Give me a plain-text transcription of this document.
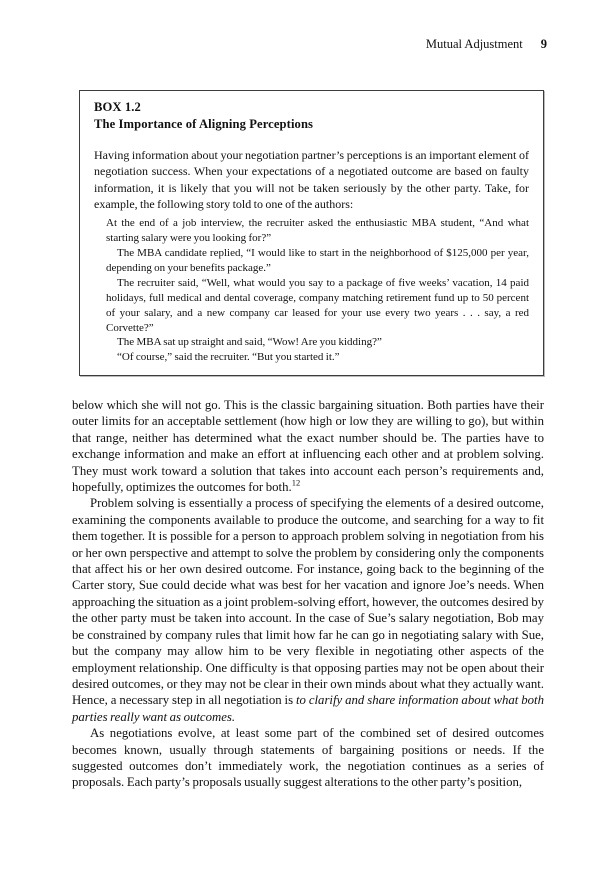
Mutual Adjustment 9
BOX 1.2
The Importance of Aligning Perceptions

Having information about your negotiation partner’s perceptions is an important element of negotiation success. When your expectations of a negotiated outcome are based on faulty information, it is likely that you will not be taken seriously by the other party. Take, for example, the following story told to one of the authors:

At the end of a job interview, the recruiter asked the enthusiastic MBA student, “And what starting salary were you looking for?”

The MBA candidate replied, “I would like to start in the neighborhood of $125,000 per year, depending on your benefits package.”

The recruiter said, “Well, what would you say to a package of five weeks’ vacation, 14 paid holidays, full medical and dental coverage, company matching retirement fund up to 50 percent of your salary, and a new company car leased for your use every two years . . . say, a red Corvette?”

The MBA sat up straight and said, “Wow! Are you kidding?”

“Of course,” said the recruiter. “But you started it.”

below which she will not go. This is the classic bargaining situation. Both parties have their outer limits for an acceptable settlement (how high or low they are willing to go), but within that range, neither has determined what the exact number should be. The parties have to exchange information and make an effort at influencing each other and at problem solving. They must work toward a solution that takes into account each person’s requirements and, hopefully, optimizes the outcomes for both.$^{12}$

Problem solving is essentially a process of specifying the elements of a desired outcome, examining the components available to produce the outcome, and searching for a way to fit them together. It is possible for a person to approach problem solving in negotiation from his or her own perspective and attempt to solve the problem by considering only the components that affect his or her own desired outcome. For instance, going back to the beginning of the Carter story, Sue could decide what was best for her vacation and ignore Joe’s needs. When approaching the situation as a joint problem-solving effort, however, the outcomes desired by the other party must be taken into account. In the case of Sue’s salary negotiation, Bob may be constrained by company rules that limit how far he can go in negotiating salary with Sue, but the company may allow him to be very flexible in negotiating other aspects of the employment relationship. One difficulty is that opposing parties may not be open about their desired outcomes, or they may not be clear in their own minds about what they actually want. Hence, a necessary step in all negotiation is to clarify and share information about what both parties really want as outcomes.

As negotiations evolve, at least some part of the combined set of desired outcomes becomes known, usually through statements of bargaining positions or needs. If the suggested outcomes don’t immediately work, the negotiation continues as a series of proposals. Each party’s proposals usually suggest alterations to the other party’s position,
